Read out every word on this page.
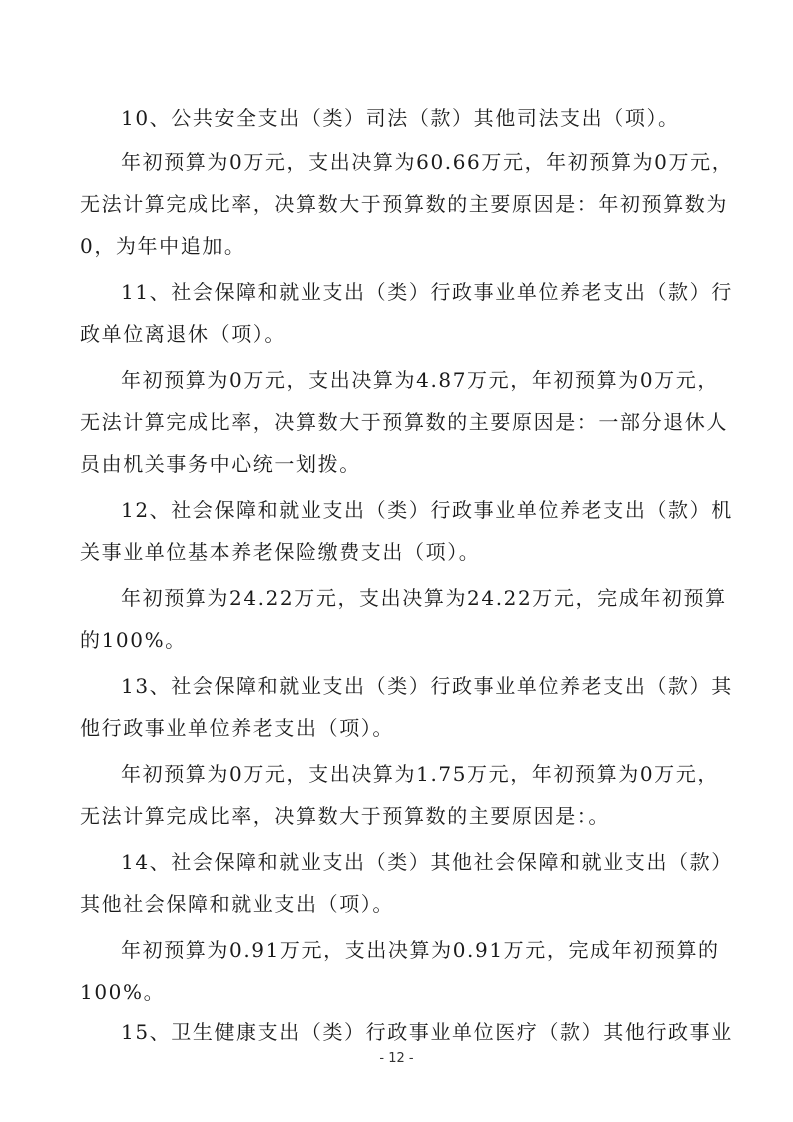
10、公共安全支出（类）司法（款）其他司法支出（项）。
年初预算为0万元，支出决算为60.66万元，年初预算为0万元，
无法计算完成比率，决算数大于预算数的主要原因是：年初预算数为
0，为年中追加。
11、社会保障和就业支出（类）行政事业单位养老支出（款）行
政单位离退休（项）。
年初预算为0万元，支出决算为4.87万元，年初预算为0万元，
无法计算完成比率，决算数大于预算数的主要原因是：一部分退休人
员由机关事务中心统一划拨。
12、社会保障和就业支出（类）行政事业单位养老支出（款）机
关事业单位基本养老保险缴费支出（项）。
年初预算为24.22万元，支出决算为24.22万元，完成年初预算
的100%。
13、社会保障和就业支出（类）行政事业单位养老支出（款）其
他行政事业单位养老支出（项）。
年初预算为0万元，支出决算为1.75万元，年初预算为0万元，
无法计算完成比率，决算数大于预算数的主要原因是：。
14、社会保障和就业支出（类）其他社会保障和就业支出（款）
其他社会保障和就业支出（项）。
年初预算为0.91万元，支出决算为0.91万元，完成年初预算的
100%。
15、卫生健康支出（类）行政事业单位医疗（款）其他行政事业
- 12 -
